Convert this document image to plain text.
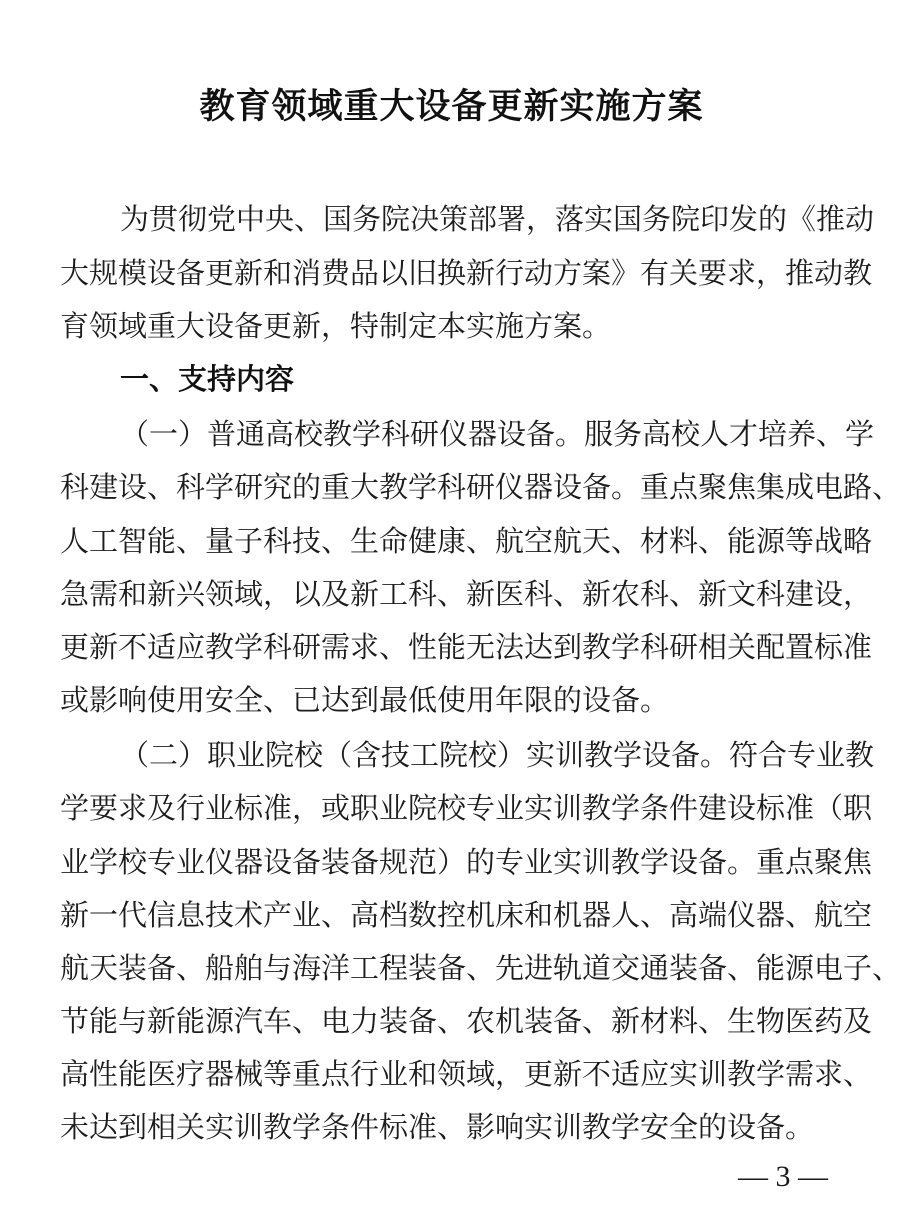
教育领域重大设备更新实施方案
为贯彻党中央、国务院决策部署，落实国务院印发的《推动
大规模设备更新和消费品以旧换新行动方案》有关要求，推动教
育领域重大设备更新，特制定本实施方案。
一、支持内容
（一）普通高校教学科研仪器设备。服务高校人才培养、学
科建设、科学研究的重大教学科研仪器设备。重点聚焦集成电路、
人工智能、量子科技、生命健康、航空航天、材料、能源等战略
急需和新兴领域，以及新工科、新医科、新农科、新文科建设，
更新不适应教学科研需求、性能无法达到教学科研相关配置标准
或影响使用安全、已达到最低使用年限的设备。
（二）职业院校（含技工院校）实训教学设备。符合专业教
学要求及行业标准，或职业院校专业实训教学条件建设标准（职
业学校专业仪器设备装备规范）的专业实训教学设备。重点聚焦
新一代信息技术产业、高档数控机床和机器人、高端仪器、航空
航天装备、船舶与海洋工程装备、先进轨道交通装备、能源电子、
节能与新能源汽车、电力装备、农机装备、新材料、生物医药及
高性能医疗器械等重点行业和领域，更新不适应实训教学需求、
未达到相关实训教学条件标准、影响实训教学安全的设备。
— 3 —
